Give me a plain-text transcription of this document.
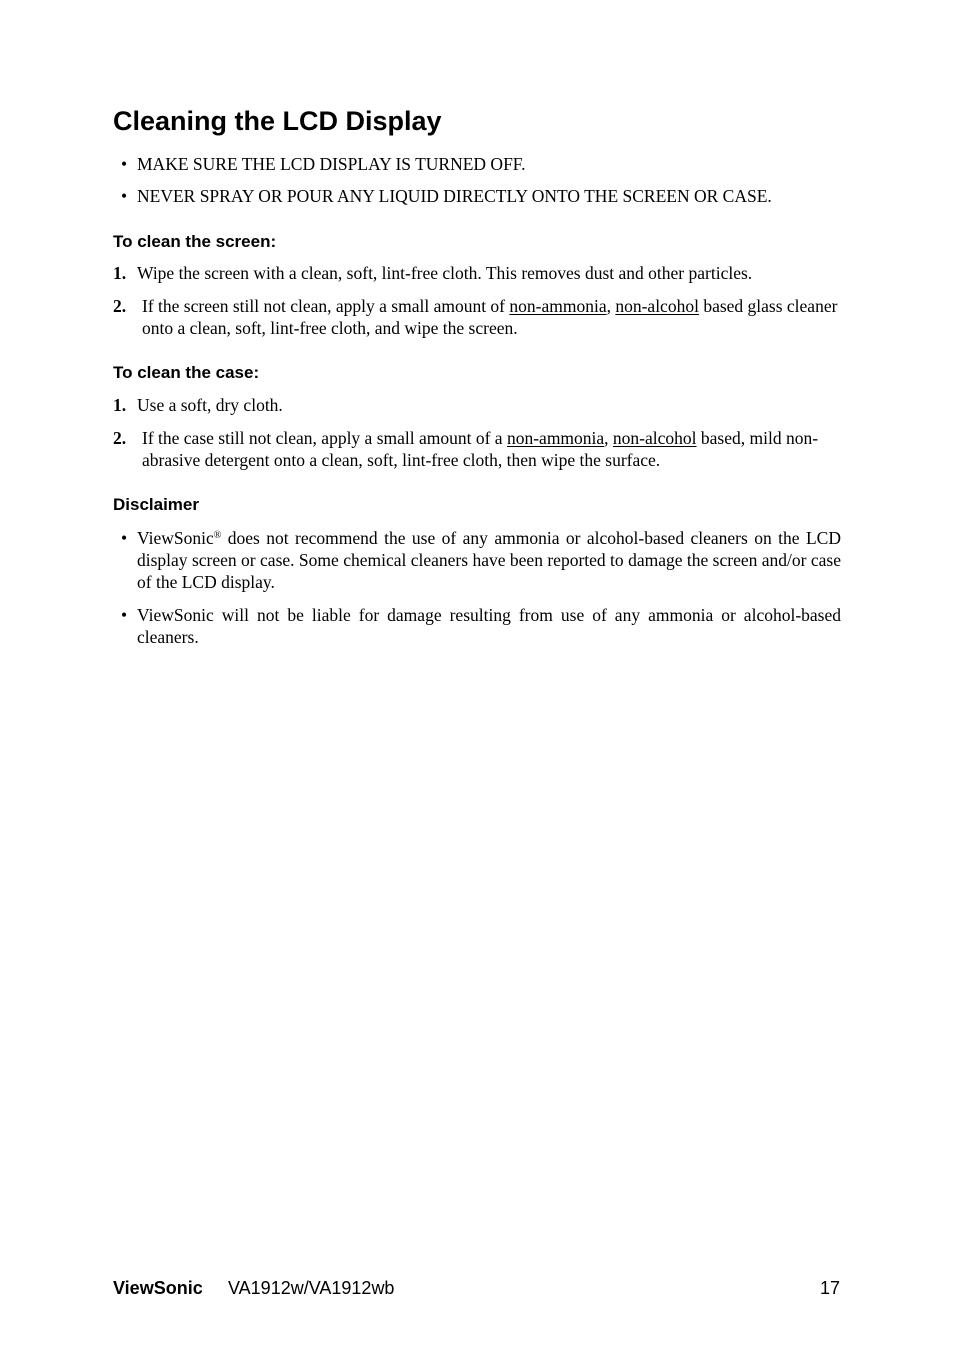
Cleaning the LCD Display
• MAKE SURE THE LCD DISPLAY IS TURNED OFF.
• NEVER SPRAY OR POUR ANY LIQUID DIRECTLY ONTO THE SCREEN OR CASE.
To clean the screen:
1. Wipe the screen with a clean, soft, lint-free cloth. This removes dust and other particles.
2. If the screen still not clean, apply a small amount of non-ammonia, non-alcohol based glass cleaner onto a clean, soft, lint-free cloth, and wipe the screen.
To clean the case:
1. Use a soft, dry cloth.
2. If the case still not clean, apply a small amount of a non-ammonia, non-alcohol based, mild non-abrasive detergent onto a clean, soft, lint-free cloth, then wipe the surface.
Disclaimer
• ViewSonic® does not recommend the use of any ammonia or alcohol-based cleaners on the LCD display screen or case. Some chemical cleaners have been reported to damage the screen and/or case of the LCD display.
• ViewSonic will not be liable for damage resulting from use of any ammonia or alcohol-based cleaners.
ViewSonic VA1912w/VA1912wb	17
